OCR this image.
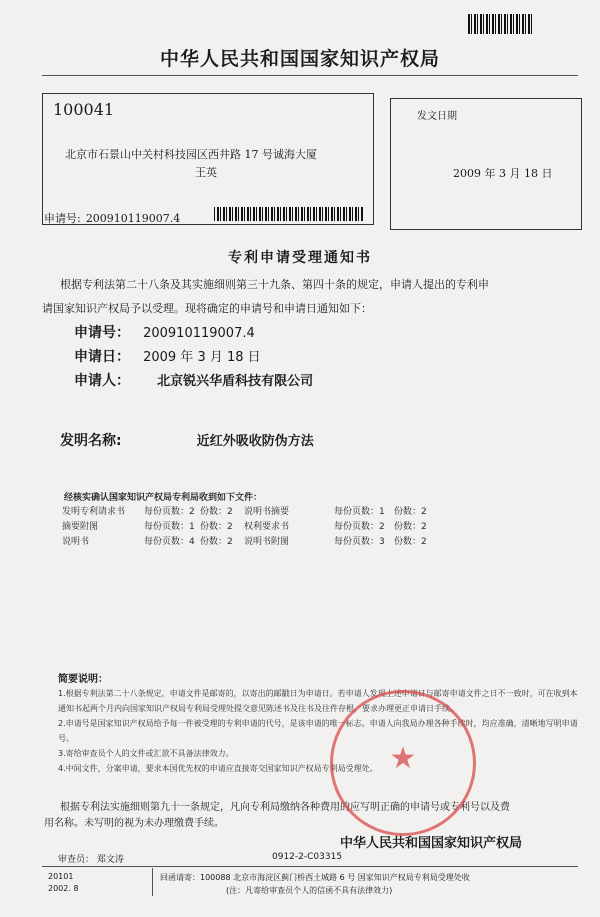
中华人民共和国国家知识产权局
100041
北京市石景山中关村科技园区西井路 17 号诚海大厦
王英
申请号: 200910119007.4
发文日期
2009 年 3 月 18 日
专利申请受理通知书
根据专利法第二十八条及其实施细则第三十九条、第四十条的规定，申请人提出的专利申
请国家知识产权局予以受理。现将确定的申请号和申请日通知如下：
申请号： 200910119007.4
申请日： 2009 年 3 月 18 日
申请人： 北京锐兴华盾科技有限公司
发明名称:	近红外吸收防伪方法
经核实确认国家知识产权局专利局收到如下文件：
发明专利请求书	每份页数：2 份数：2	说明书摘要	每份页数：1	份数：2
摘要附图	每份页数：1 份数：2	权利要求书	每份页数：2	份数：2
说明书	每份页数：4 份数：2	说明书附图	每份页数：3	份数：2
简要说明：
1.根据专利法第二十八条规定，申请文件是邮寄的，以寄出的邮戳日为申请日。若申请人发现上述申请日与邮寄申请文件之日不一致时，可在收到本通知书起两个月内向国家知识产权局专利局受理处提交意见陈述书及往书及往件存根，要求办理更正申请日手续。
2.申请号是国家知识产权局给予每一件被受理的专利申请的代号，是该申请的唯一标志。申请人向我局办理各种手续时，均应准确，清晰地写明申请号。
3.寄给审查员个人的文件或汇款不具备法律效力。
4.中间文件，分案申请，要求本国优先权的申请应直接寄交国家知识产权局专利局受理处。
根据专利法实施细则第九十一条规定，凡向专利局缴纳各种费用的应写明正确的申请号或专利号以及费
用名称。未写明的视为未办理缴费手续。
中华人民共和国国家知识产权局
审查员： 郑文涛	0912-2-C03315
★
20101
2002. 8
回函请寄：100088 北京市海淀区蓟门桥西土城路 6 号 国家知识产权局专利局受理处收
(注：凡寄给审查员个人的信函不具有法律效力)
